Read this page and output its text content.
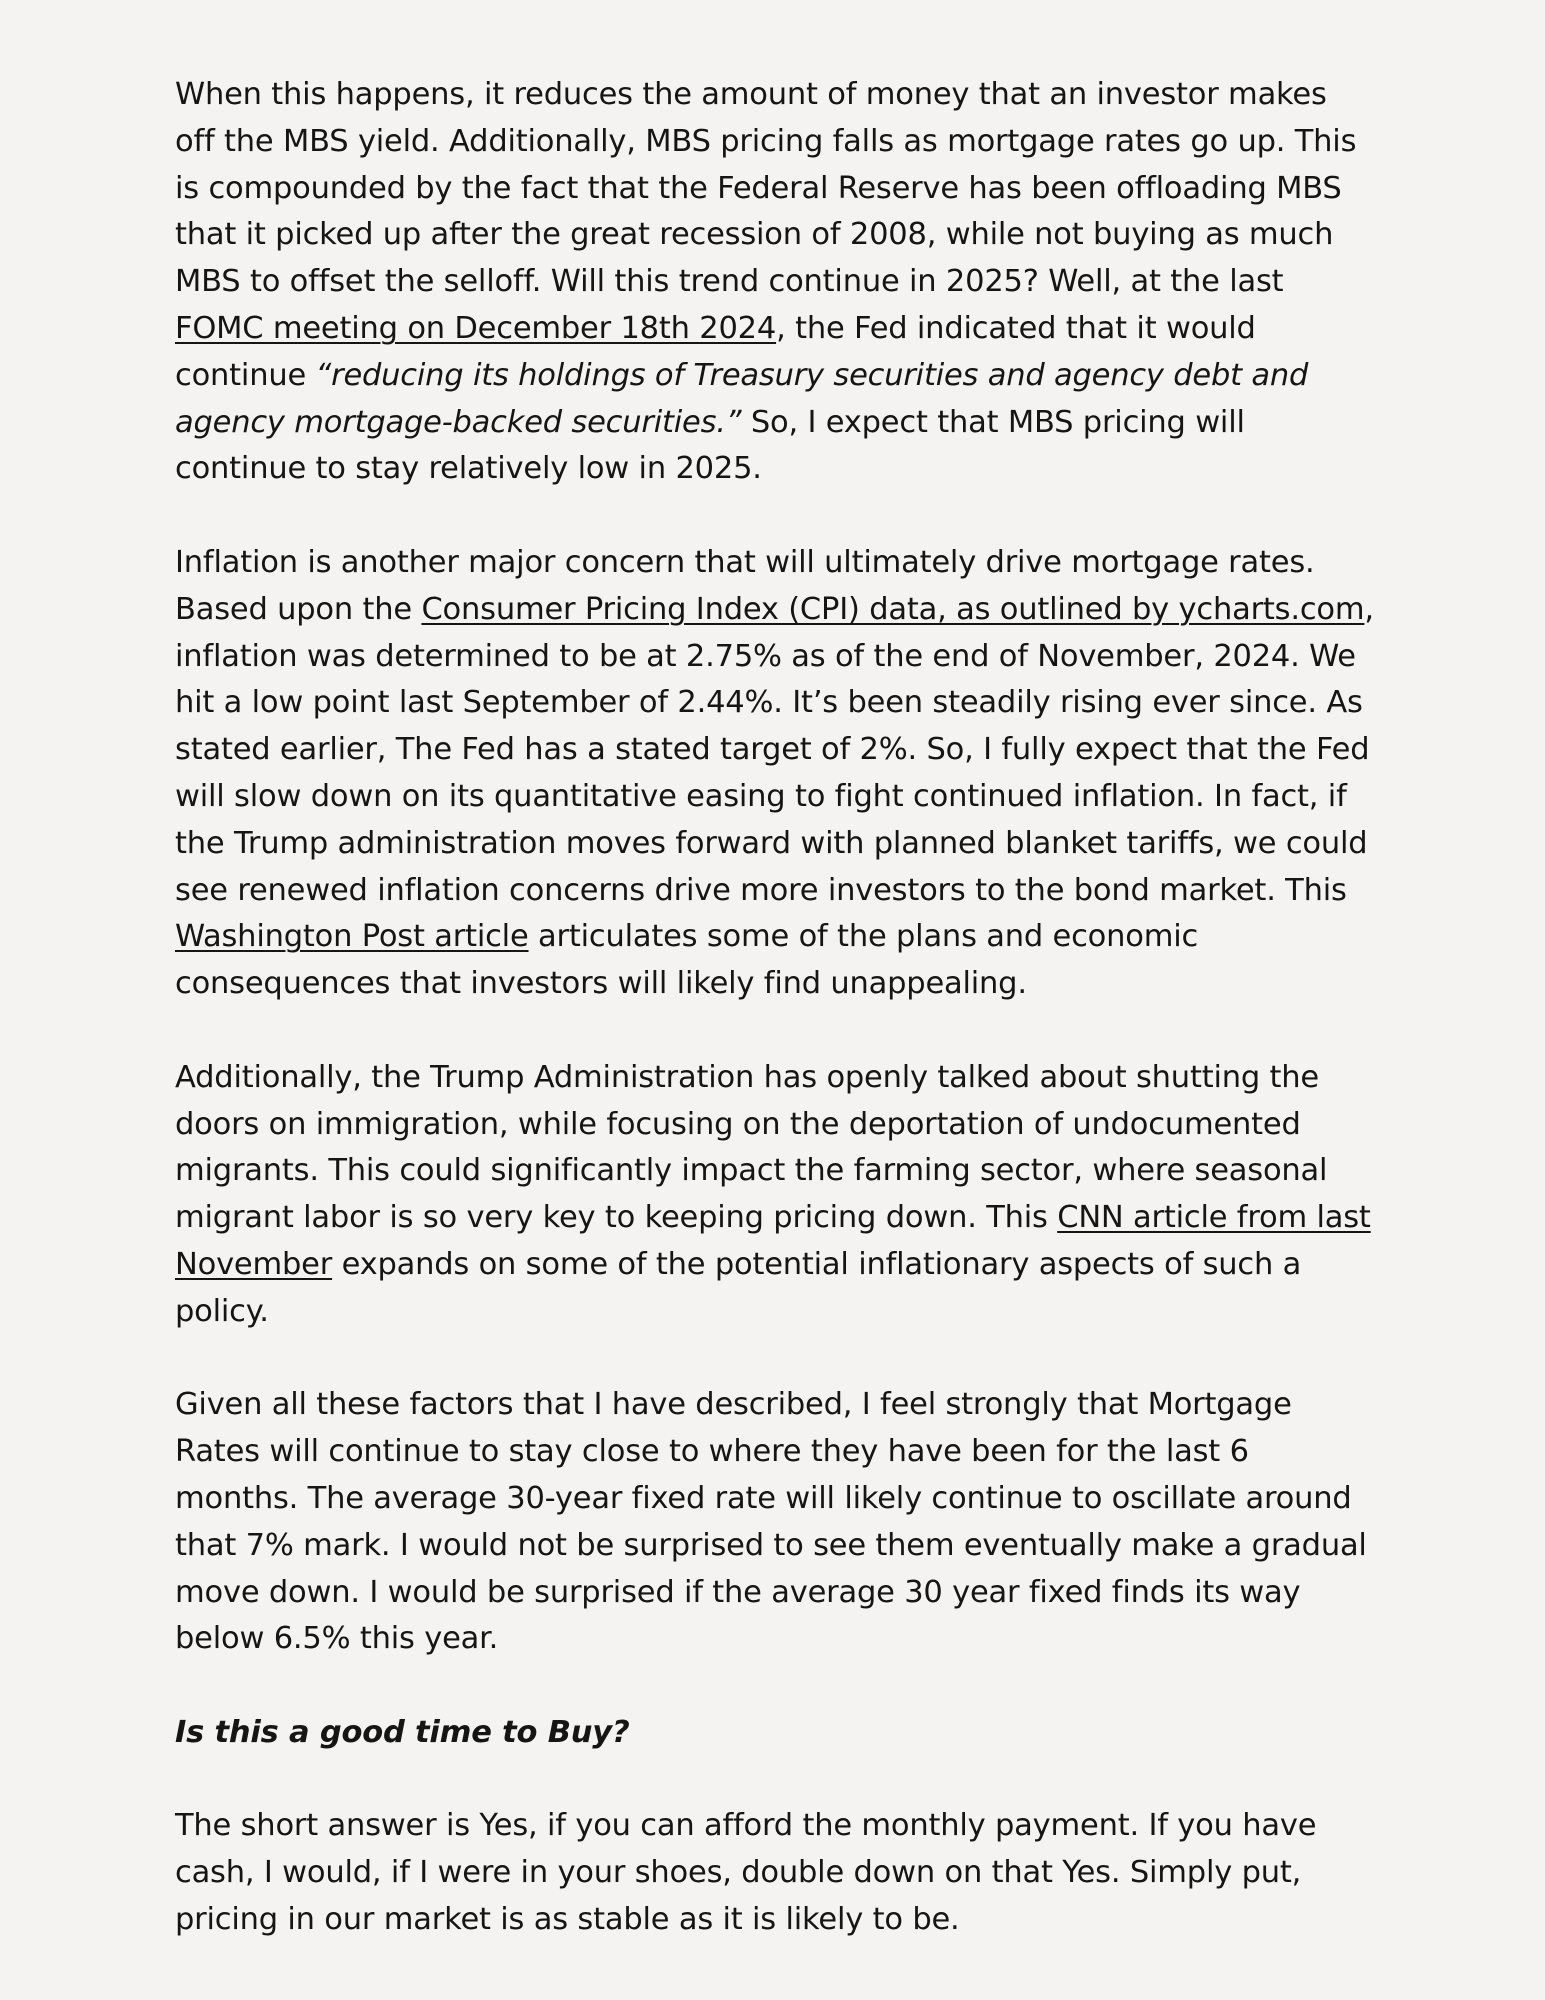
When this happens, it reduces the amount of money that an investor makes off the MBS yield. Additionally, MBS pricing falls as mortgage rates go up. This is compounded by the fact that the Federal Reserve has been offloading MBS that it picked up after the great recession of 2008, while not buying as much MBS to offset the selloff. Will this trend continue in 2025? Well, at the last FOMC meeting on December 18th 2024, the Fed indicated that it would continue “reducing its holdings of Treasury securities and agency debt and agency mortgage-backed securities.” So, I expect that MBS pricing will continue to stay relatively low in 2025.

Inflation is another major concern that will ultimately drive mortgage rates. Based upon the Consumer Pricing Index (CPI) data, as outlined by ycharts.com, inflation was determined to be at 2.75% as of the end of November, 2024. We hit a low point last September of 2.44%. It’s been steadily rising ever since. As stated earlier, The Fed has a stated target of 2%. So, I fully expect that the Fed will slow down on its quantitative easing to fight continued inflation. In fact, if the Trump administration moves forward with planned blanket tariffs, we could see renewed inflation concerns drive more investors to the bond market. This Washington Post article articulates some of the plans and economic consequences that investors will likely find unappealing.

Additionally, the Trump Administration has openly talked about shutting the doors on immigration, while focusing on the deportation of undocumented migrants. This could significantly impact the farming sector, where seasonal migrant labor is so very key to keeping pricing down. This CNN article from last November expands on some of the potential inflationary aspects of such a policy.

Given all these factors that I have described, I feel strongly that Mortgage Rates will continue to stay close to where they have been for the last 6 months. The average 30-year fixed rate will likely continue to oscillate around that 7% mark. I would not be surprised to see them eventually make a gradual move down. I would be surprised if the average 30 year fixed finds its way below 6.5% this year.

Is this a good time to Buy?

The short answer is Yes, if you can afford the monthly payment. If you have cash, I would, if I were in your shoes, double down on that Yes. Simply put, pricing in our market is as stable as it is likely to be.
